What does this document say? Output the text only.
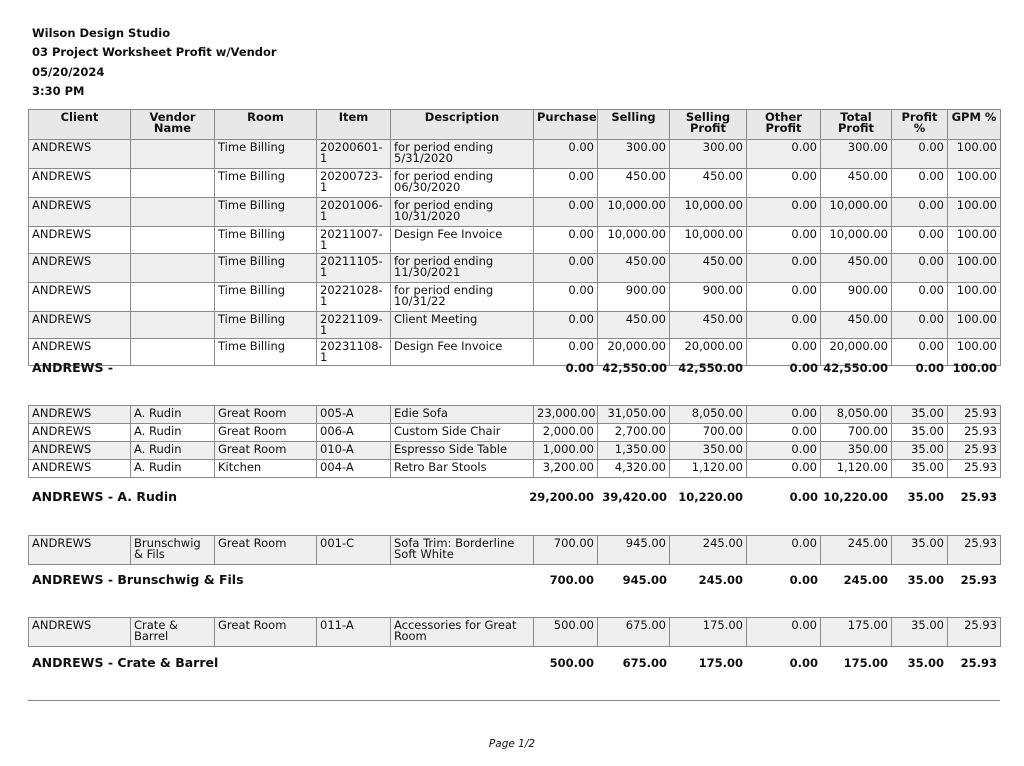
Wilson Design Studio
03 Project Worksheet Profit w/Vendor
05/20/2024
3:30 PM
Client	Vendor Name	Room	Item	Description	Purchase	Selling	Selling Profit	Other Profit	Total Profit	Profit %	GPM %
ANDREWS		Time Billing	20200601-1	for period ending 5/31/2020	0.00	300.00	300.00	0.00	300.00	0.00	100.00
ANDREWS		Time Billing	20200723-1	for period ending 06/30/2020	0.00	450.00	450.00	0.00	450.00	0.00	100.00
ANDREWS		Time Billing	20201006-1	for period ending 10/31/2020	0.00	10,000.00	10,000.00	0.00	10,000.00	0.00	100.00
ANDREWS		Time Billing	20211007-1	Design Fee Invoice	0.00	10,000.00	10,000.00	0.00	10,000.00	0.00	100.00
ANDREWS		Time Billing	20211105-1	for period ending 11/30/2021	0.00	450.00	450.00	0.00	450.00	0.00	100.00
ANDREWS		Time Billing	20221028-1	for period ending 10/31/22	0.00	900.00	900.00	0.00	900.00	0.00	100.00
ANDREWS		Time Billing	20221109-1	Client Meeting	0.00	450.00	450.00	0.00	450.00	0.00	100.00
ANDREWS		Time Billing	20231108-1	Design Fee Invoice	0.00	20,000.00	20,000.00	0.00	20,000.00	0.00	100.00
ANDREWS -	0.00 42,550.00 42,550.00	0.00 42,550.00 0.00 100.00
ANDREWS	A. Rudin	Great Room	005-A	Edie Sofa	23,000.00	31,050.00	8,050.00	0.00	8,050.00	35.00	25.93
ANDREWS	A. Rudin	Great Room	006-A	Custom Side Chair	2,000.00	2,700.00	700.00	0.00	700.00	35.00	25.93
ANDREWS	A. Rudin	Great Room	010-A	Espresso Side Table	1,000.00	1,350.00	350.00	0.00	350.00	35.00	25.93
ANDREWS	A. Rudin	Kitchen	004-A	Retro Bar Stools	3,200.00	4,320.00	1,120.00	0.00	1,120.00	35.00	25.93
ANDREWS - A. Rudin	29,200.00 39,420.00 10,220.00	0.00 10,220.00 35.00 25.93
ANDREWS	Brunschwig & Fils	Great Room	001-C	Sofa Trim: Borderline Soft White	700.00	945.00	245.00	0.00	245.00	35.00	25.93
ANDREWS - Brunschwig & Fils	700.00 945.00	245.00	0.00 245.00 35.00 25.93
ANDREWS	Crate & Barrel	Great Room	011-A	Accessories for Great Room	500.00	675.00	175.00	0.00	175.00	35.00	25.93
ANDREWS - Crate & Barrel	500.00 675.00	175.00	0.00 175.00 35.00 25.93
Page 1/2
